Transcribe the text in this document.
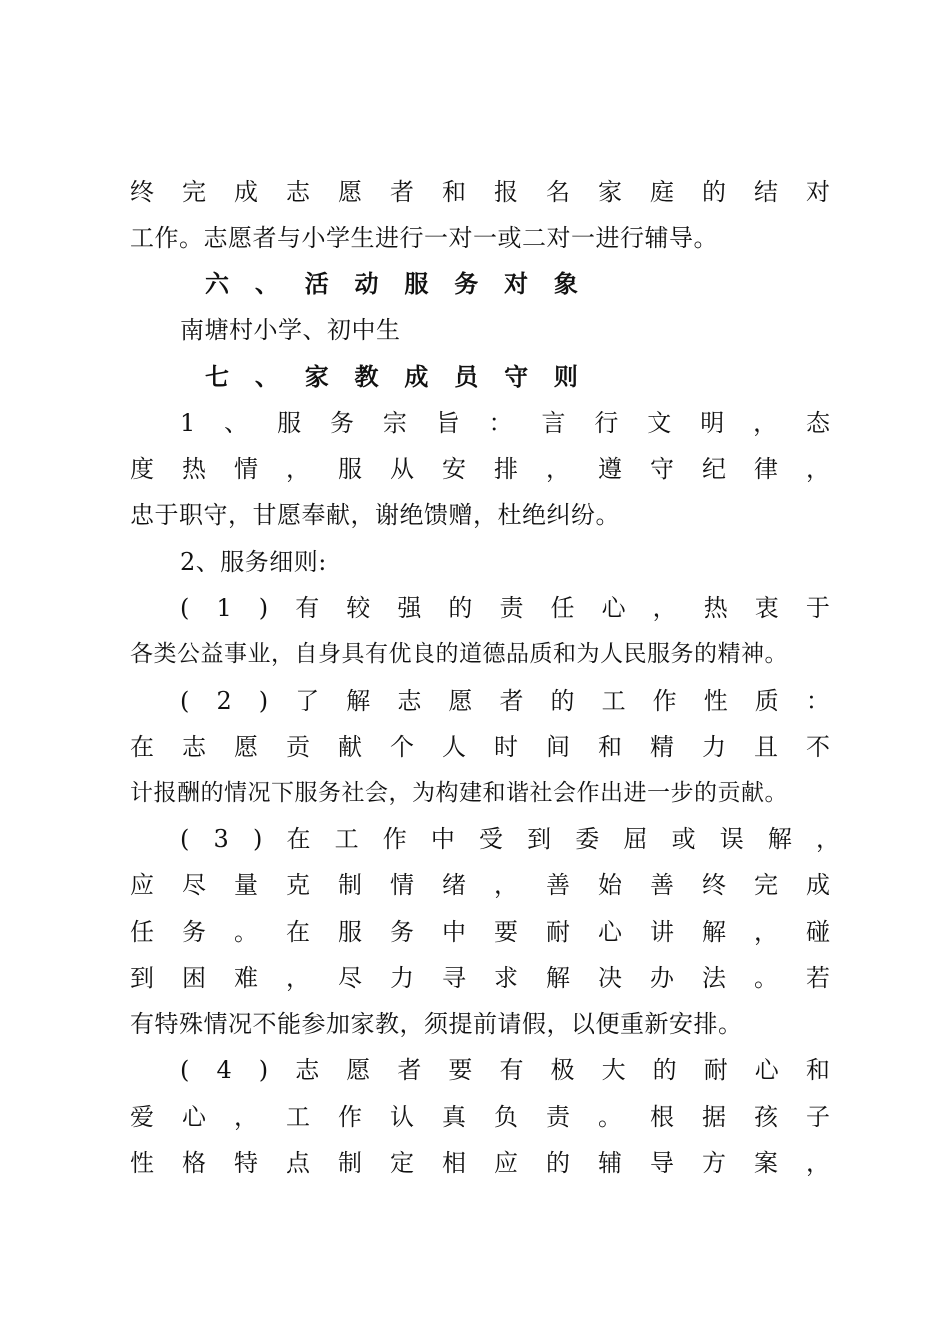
终 完 成 志 愿 者 和 报 名 家 庭 的 结 对
工作。志愿者与小学生进行一对一或二对一进行辅导。
六 、 活 动 服 务 对 象
南塘村小学、初中生
七 、 家 教 成 员 守 则
1 、 服 务 宗 旨 ： 言 行 文 明 ， 态
度 热 情 ， 服 从 安 排 ， 遵 守 纪 律 ，
忠于职守，甘愿奉献，谢绝馈赠，杜绝纠纷。
2、服务细则:
( 1 ) 有 较 强 的 责 任 心 ， 热 衷 于
各类公益事业，自身具有优良的道德品质和为人民服务的精神。
( 2 ) 了 解 志 愿 者 的 工 作 性 质 ：
在 志 愿 贡 献 个 人 时 间 和 精 力 且 不
计报酬的情况下服务社会，为构建和谐社会作出进一步的贡献。
( 3 ) 在 工 作 中 受 到 委 屈 或 误 解 ，
应 尽 量 克 制 情 绪 ， 善 始 善 终 完 成
任 务 。 在 服 务 中 要 耐 心 讲 解 ， 碰
到 困 难 ， 尽 力 寻 求 解 决 办 法 。 若
有特殊情况不能参加家教，须提前请假，以便重新安排。
( 4 ) 志 愿 者 要 有 极 大 的 耐 心 和
爱 心 ， 工 作 认 真 负 责 。 根 据 孩 子
性 格 特 点 制 定 相 应 的 辅 导 方 案 ，
